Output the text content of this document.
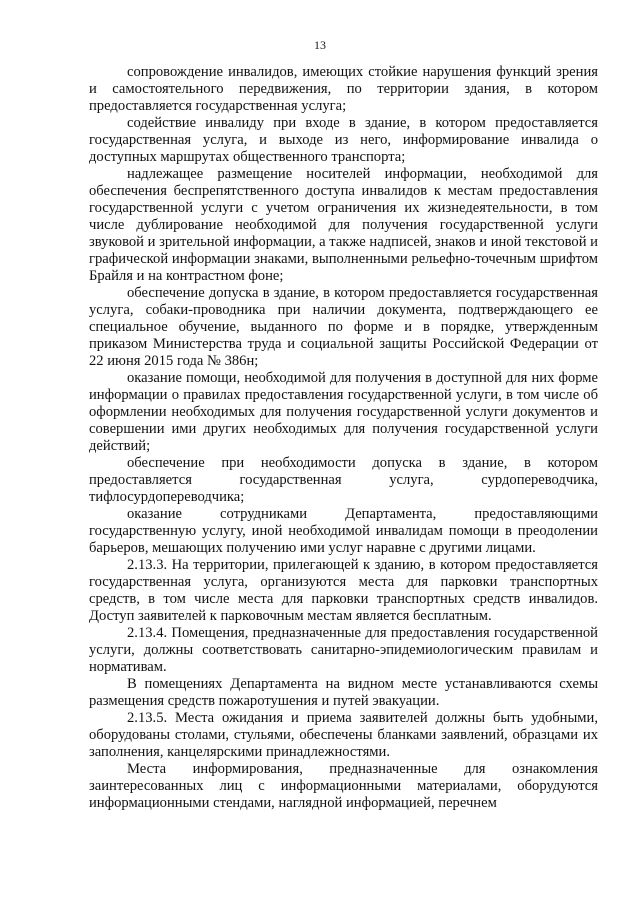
13

сопровождение инвалидов, имеющих стойкие нарушения функций зрения и самостоятельного передвижения, по территории здания, в котором предоставляется государственная услуга;

содействие инвалиду при входе в здание, в котором предоставляется государственная услуга, и выходе из него, информирование инвалида о доступных маршрутах общественного транспорта;

надлежащее размещение носителей информации, необходимой для обеспечения беспрепятственного доступа инвалидов к местам предоставления государственной услуги с учетом ограничения их жизнедеятельности, в том числе дублирование необходимой для получения государственной услуги звуковой и зрительной информации, а также надписей, знаков и иной текстовой и графической информации знаками, выполненными рельефно-точечным шрифтом Брайля и на контрастном фоне;

обеспечение допуска в здание, в котором предоставляется государственная услуга, собаки-проводника при наличии документа, подтверждающего ее специальное обучение, выданного по форме и в порядке, утвержденным приказом Министерства труда и социальной защиты Российской Федерации от 22 июня 2015 года № 386н;

оказание помощи, необходимой для получения в доступной для них форме информации о правилах предоставления государственной услуги, в том числе об оформлении необходимых для получения государственной услуги документов и совершении ими других необходимых для получения государственной услуги действий;

обеспечение при необходимости допуска в здание, в котором предоставляется государственная услуга, сурдопереводчика, тифлосурдопереводчика;

оказание сотрудниками Департамента, предоставляющими государственную услугу, иной необходимой инвалидам помощи в преодолении барьеров, мешающих получению ими услуг наравне с другими лицами.

2.13.3. На территории, прилегающей к зданию, в котором предоставляется государственная услуга, организуются места для парковки транспортных средств, в том числе места для парковки транспортных средств инвалидов. Доступ заявителей к парковочным местам является бесплатным.

2.13.4. Помещения, предназначенные для предоставления государственной услуги, должны соответствовать санитарно-эпидемиологическим правилам и нормативам.

В помещениях Департамента на видном месте устанавливаются схемы размещения средств пожаротушения и путей эвакуации.

2.13.5. Места ожидания и приема заявителей должны быть удобными, оборудованы столами, стульями, обеспечены бланками заявлений, образцами их заполнения, канцелярскими принадлежностями.

Места информирования, предназначенные для ознакомления заинтересованных лиц с информационными материалами, оборудуются информационными стендами, наглядной информацией, перечнем
